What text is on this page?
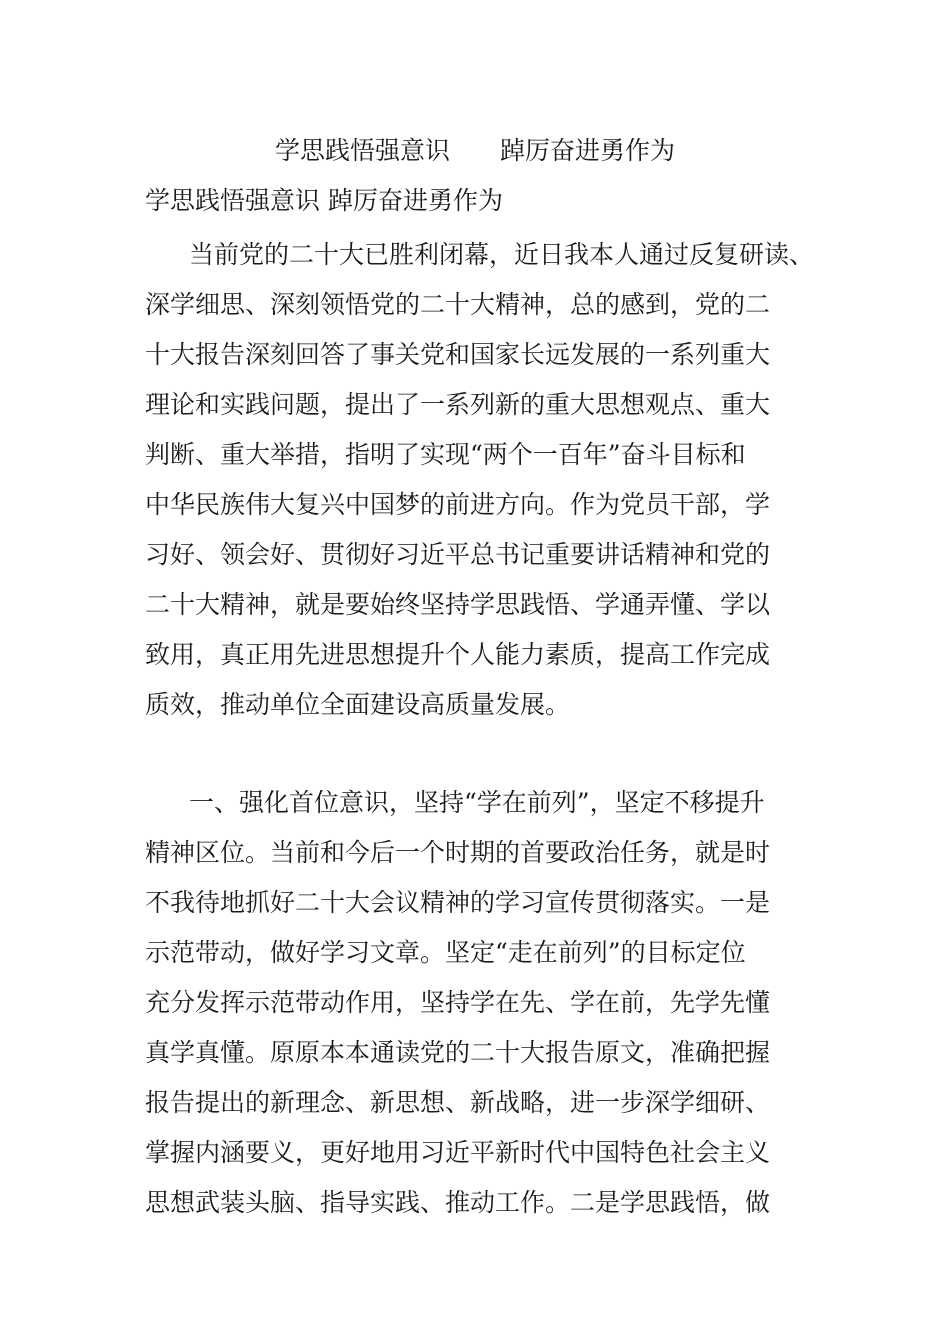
学思践悟强意识　　踔厉奋进勇作为
学思践悟强意识 踔厉奋进勇作为
当前党的二十大已胜利闭幕，近日我本人通过反复研读、
深学细思、深刻领悟党的二十大精神，总的感到，党的二
十大报告深刻回答了事关党和国家长远发展的一系列重大
理论和实践问题，提出了一系列新的重大思想观点、重大
判断、重大举措，指明了实现“两个一百年”奋斗目标和
中华民族伟大复兴中国梦的前进方向。作为党员干部，学
习好、领会好、贯彻好习近平总书记重要讲话精神和党的
二十大精神，就是要始终坚持学思践悟、学通弄懂、学以
致用，真正用先进思想提升个人能力素质，提高工作完成
质效，推动单位全面建设高质量发展。
一、强化首位意识，坚持“学在前列”，坚定不移提升
精神区位。当前和今后一个时期的首要政治任务，就是时
不我待地抓好二十大会议精神的学习宣传贯彻落实。一是
示范带动，做好学习文章。坚定“走在前列”的目标定位
充分发挥示范带动作用，坚持学在先、学在前，先学先懂
真学真懂。原原本本通读党的二十大报告原文，准确把握
报告提出的新理念、新思想、新战略，进一步深学细研、
掌握内涵要义，更好地用习近平新时代中国特色社会主义
思想武装头脑、指导实践、推动工作。二是学思践悟，做
